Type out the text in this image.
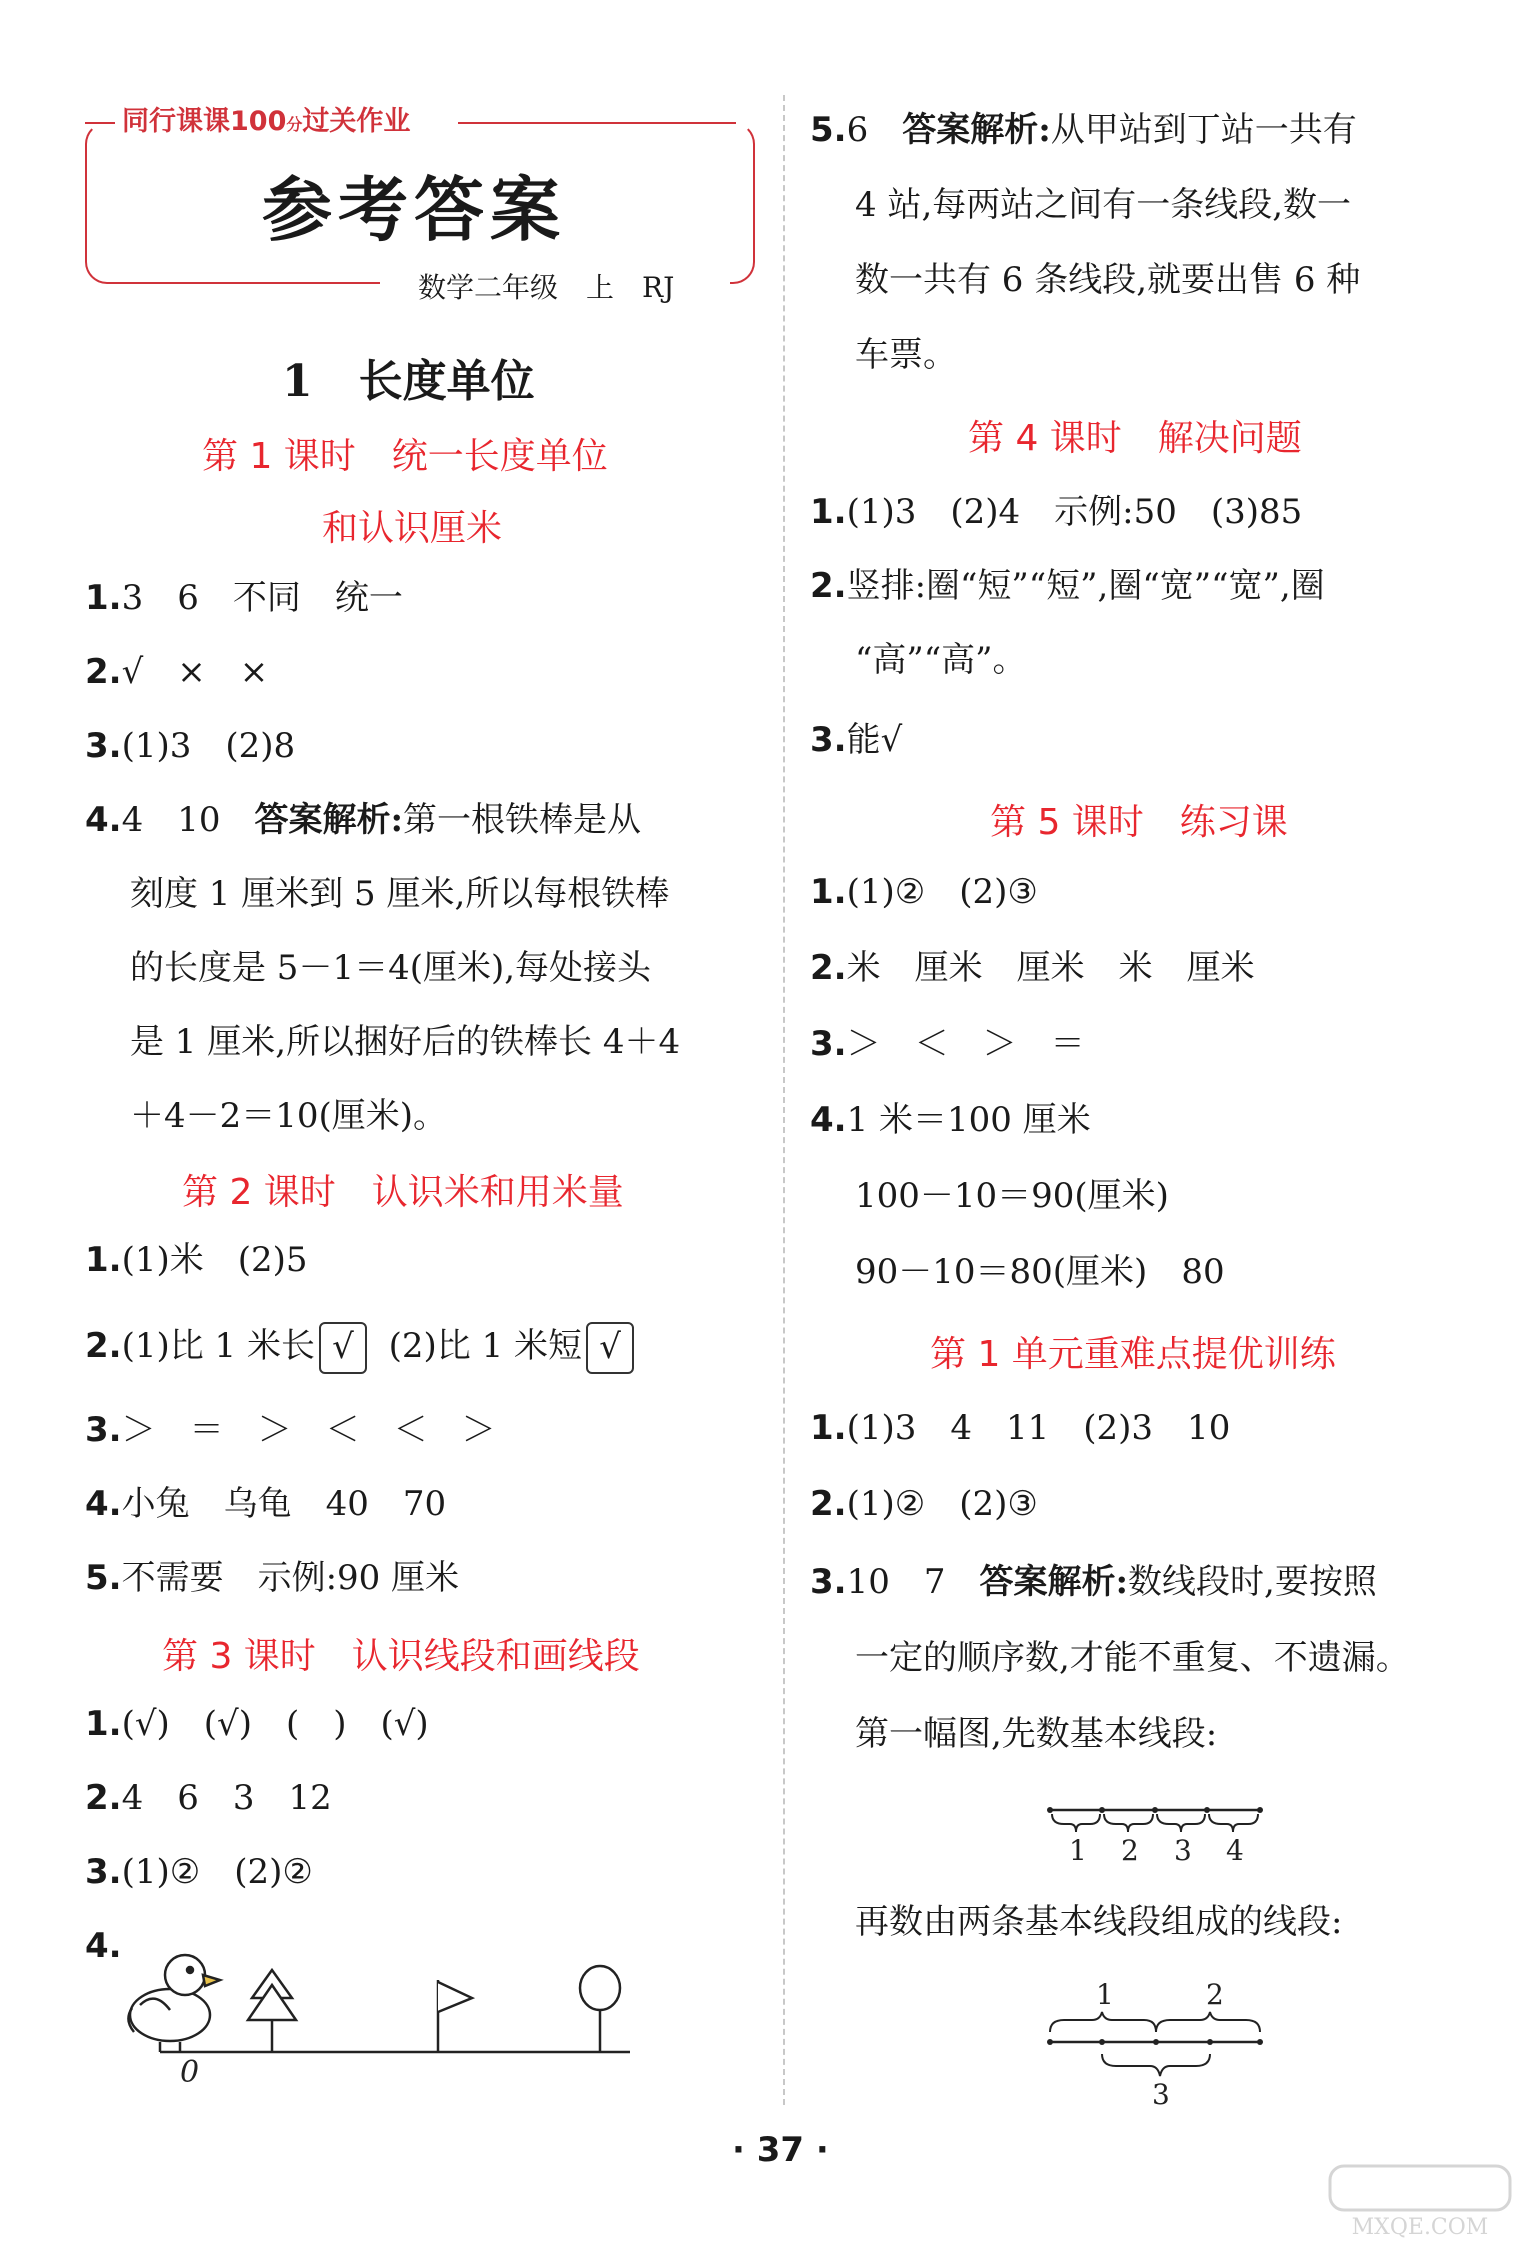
同行课课100分过关作业
参考答案
数学二年级　上　RJ
1 长度单位
第 1 课时　统一长度单位
和认识厘米
1.3　6　不同　统一
2.√　×　×
3.(1)3　(2)8
4.4　10　答案解析:第一根铁棒是从
刻度 1 厘米到 5 厘米,所以每根铁棒
的长度是 5－1＝4(厘米),每处接头
是 1 厘米,所以捆好后的铁棒长 4＋4
＋4－2＝10(厘米)。
第 2 课时　认识米和用米量
1.(1)米　(2)5
2.(1)比 1 米长 √ (2)比 1 米短 √
3.＞　＝　＞　＜　＜　＞
4.小兔　乌龟　40　70
5.不需要　示例:90 厘米
第 3 课时　认识线段和画线段
1.(√)　(√)　(　)　(√)
2.4　6　3　12
3.(1)②　(2)②
4.
0
5.6　答案解析:从甲站到丁站一共有
4 站,每两站之间有一条线段,数一
数一共有 6 条线段,就要出售 6 种
车票。
第 4 课时　解决问题
1.(1)3　(2)4　示例:50　(3)85
2.竖排:圈“短”“短”,圈“宽”“宽”,圈
“高”“高”。
3.能√
第 5 课时　练习课
1.(1)②　(2)③
2.米　厘米　厘米　米　厘米
3.＞　＜　＞　＝
4.1 米＝100 厘米
100－10＝90(厘米)
90－10＝80(厘米)　80
第 1 单元重难点提优训练
1.(1)3　4　11　(2)3　10
2.(1)②　(2)③
3.10　7　答案解析:数线段时,要按照
一定的顺序数,才能不重复、不遗漏。
第一幅图,先数基本线段:
1 2 3 4
再数由两条基本线段组成的线段:
1	2
3
· 37 ·
MXQE.COM
